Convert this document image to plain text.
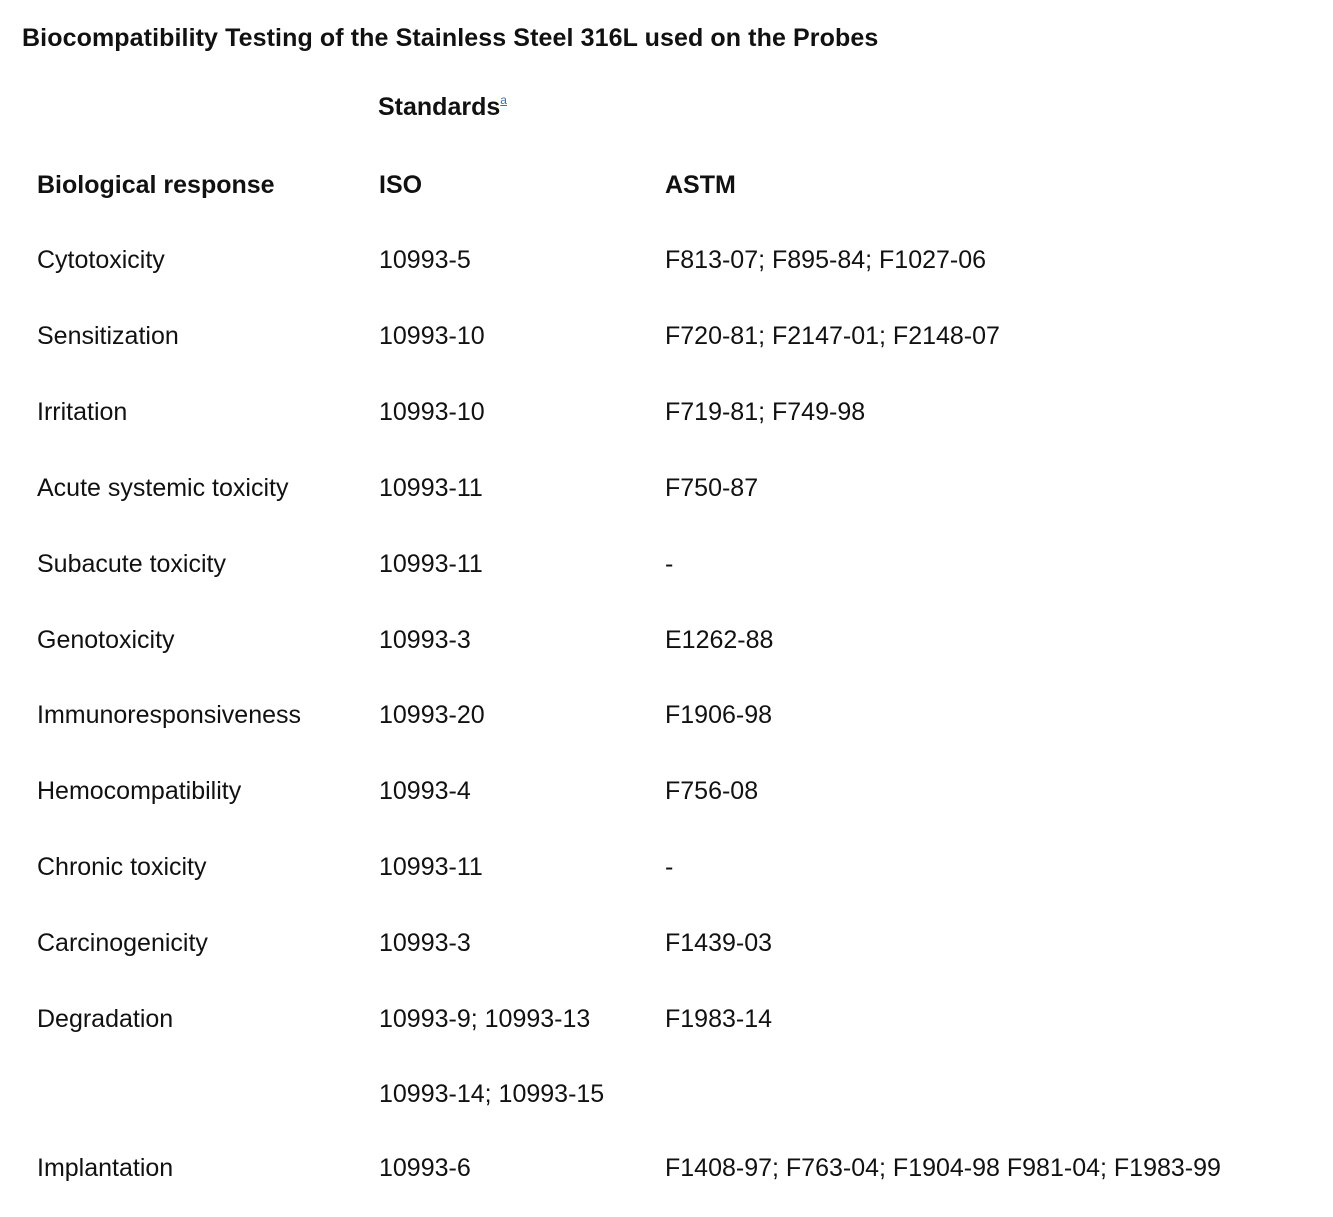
Biocompatibility Testing of the Stainless Steel 316L used on the Probes
Standards$^a$
Biological response	ISO	ASTM
Cytotoxicity	10993-5	F813-07; F895-84; F1027-06
Sensitization	10993-10	F720-81; F2147-01; F2148-07
Irritation	10993-10	F719-81; F749-98
Acute systemic toxicity	10993-11	F750-87
Subacute toxicity	10993-11	-
Genotoxicity	10993-3	E1262-88
Immunoresponsiveness	10993-20	F1906-98
Hemocompatibility	10993-4	F756-08
Chronic toxicity	10993-11	-
Carcinogenicity	10993-3	F1439-03
Degradation	10993-9; 10993-13	F1983-14
10993-14; 10993-15
Implantation	10993-6	F1408-97; F763-04; F1904-98 F981-04; F1983-99
